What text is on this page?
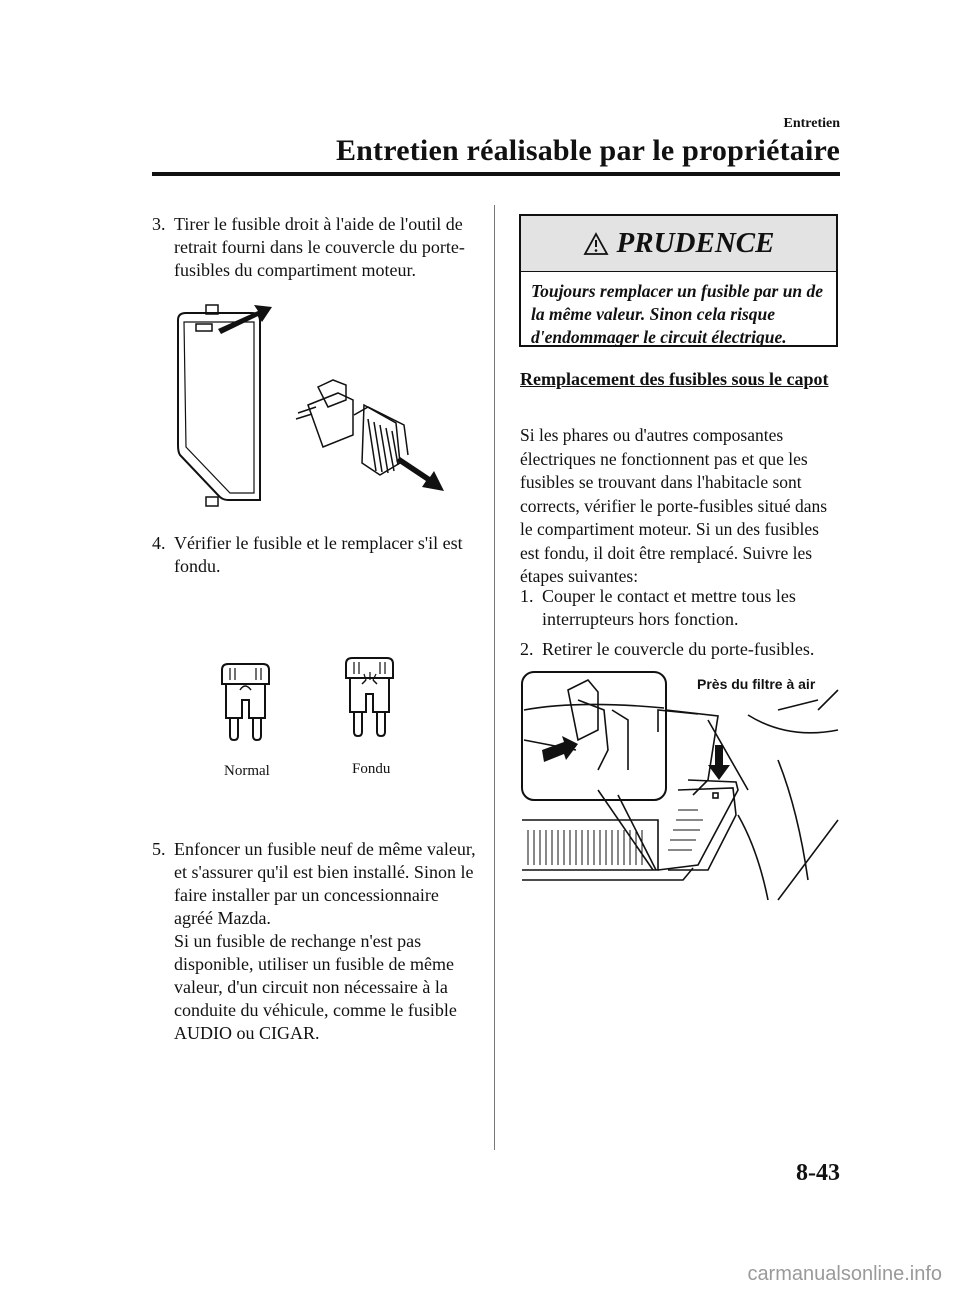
Entretien
Entretien réalisable par le propriétaire
3. Tirer le fusible droit à l'aide de l'outil de retrait fourni dans le couvercle du porte-fusibles du compartiment moteur.
4. Vérifier le fusible et le remplacer s'il est fondu.
Normal	Fondu
5. Enfoncer un fusible neuf de même valeur, et s'assurer qu'il est bien installé. Sinon le faire installer par un concessionnaire agréé Mazda.
Si un fusible de rechange n'est pas disponible, utiliser un fusible de même valeur, d'un circuit non nécessaire à la conduite du véhicule, comme le fusible AUDIO ou CIGAR.
PRUDENCE
Toujours remplacer un fusible par un de la même valeur. Sinon cela risque d'endommager le circuit électrique.
Remplacement des fusibles sous le capot
Si les phares ou d'autres composantes électriques ne fonctionnent pas et que les fusibles se trouvant dans l'habitacle sont corrects, vérifier le porte-fusibles situé dans le compartiment moteur. Si un des fusibles est fondu, il doit être remplacé. Suivre les étapes suivantes:
1. Couper le contact et mettre tous les interrupteurs hors fonction.
2. Retirer le couvercle du porte-fusibles.
Près du filtre à air
8-43
carmanualsonline.info
